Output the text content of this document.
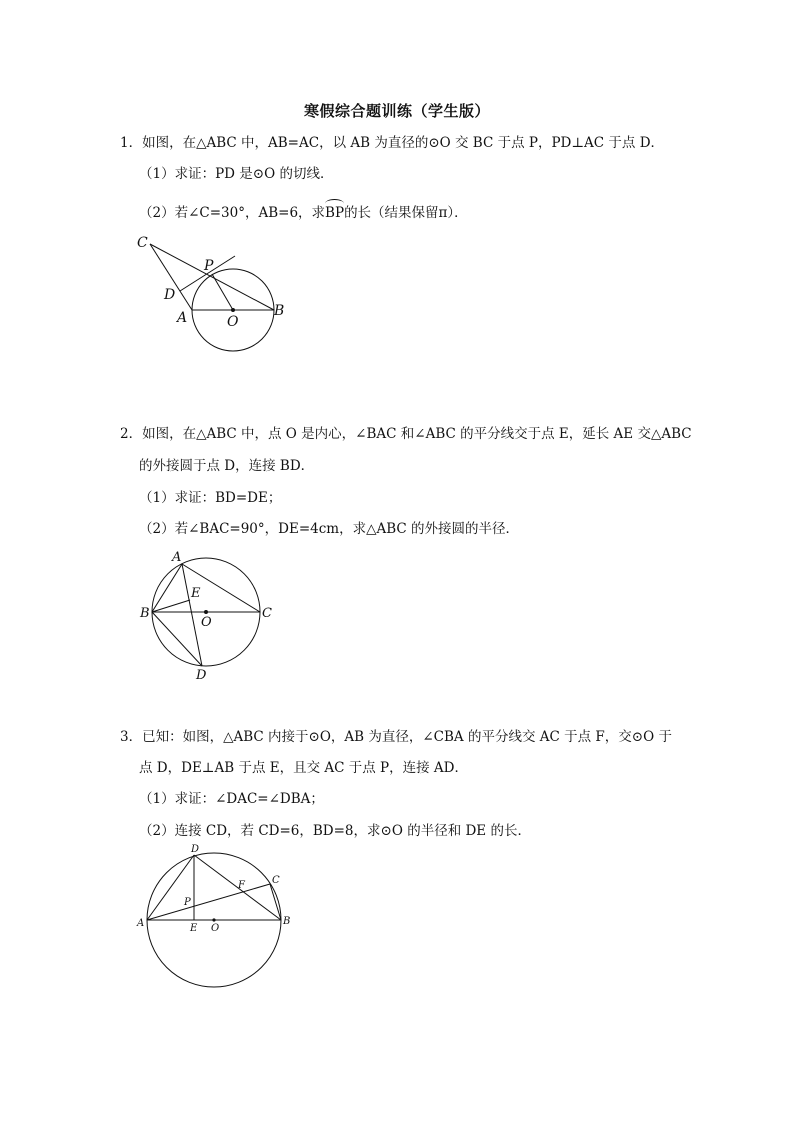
寒假综合题训练（学生版）
1．如图，在△ABC 中，AB=AC，以 AB 为直径的⊙O 交 BC 于点 P，PD⊥AC 于点 D．
（1）求证：PD 是⊙O 的切线．
（2）若∠C=30°，AB=6，求BP的长（结果保留π）．
C
P
D
A	O
B
2．如图，在△ABC 中，点 O 是内心，∠BAC 和∠ABC 的平分线交于点 E，延长 AE 交△ABC
的外接圆于点 D，连接 BD．
（1）求证：BD=DE；
（2）若∠BAC=90°，DE=4cm，求△ABC 的外接圆的半径．
A
E
B
O
C
D
3．已知：如图，△ABC 内接于⊙O，AB 为直径，∠CBA 的平分线交 AC 于点 F，交⊙O 于
点 D，DE⊥AB 于点 E，且交 AC 于点 P，连接 AD．
（1）求证：∠DAC=∠DBA；
（2）连接 CD，若 CD=6，BD=8，求⊙O 的半径和 DE 的长．
D
C
F
P
A	E O
B
